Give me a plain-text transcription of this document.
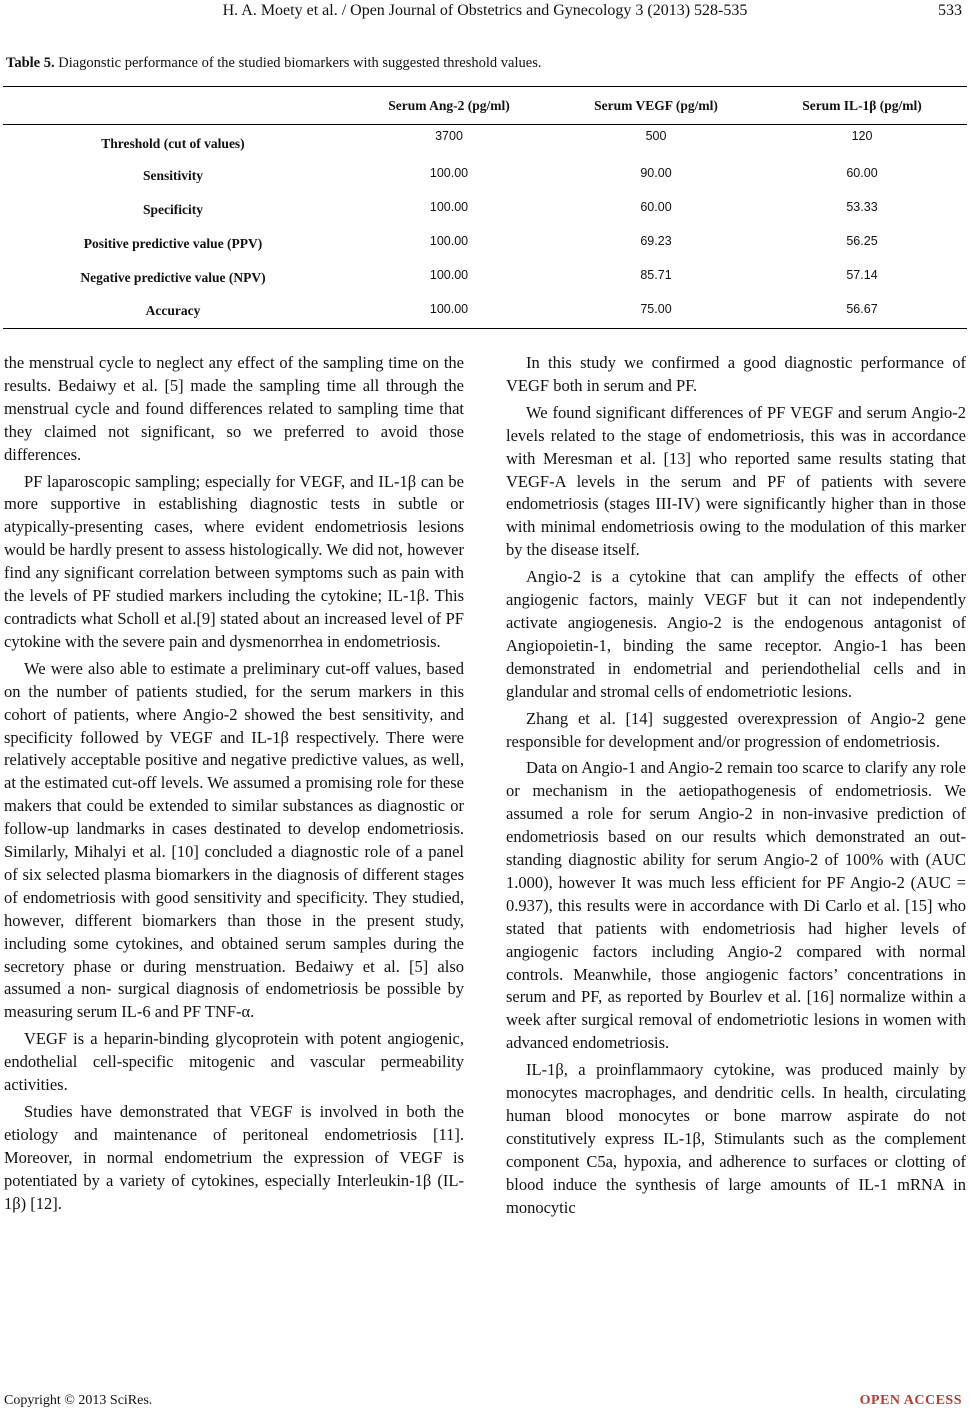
H. A. Moety et al. / Open Journal of Obstetrics and Gynecology 3 (2013) 528-535	533
Table 5. Diagonstic performance of the studied biomarkers with suggested threshold values.
	Serum Ang-2 (pg/ml)	Serum VEGF (pg/ml)	Serum IL-1β (pg/ml)
Threshold (cut of values)	3700	500	120
Sensitivity	100.00	90.00	60.00
Specificity	100.00	60.00	53.33
Positive predictive value (PPV)	100.00	69.23	56.25
Negative predictive value (NPV)	100.00	85.71	57.14
Accuracy	100.00	75.00	56.67

the menstrual cycle to neglect any effect of the sampling time on the results. Bedaiwy et al. [5] made the sampling time all through the menstrual cycle and found differences related to sampling time that they claimed not significant, so we preferred to avoid those differences.

PF laparoscopic sampling; especially for VEGF, and IL-1β can be more supportive in establishing diagnostic tests in subtle or atypically-presenting cases, where evident endometriosis lesions would be hardly present to assess histologically. We did not, however find any significant correlation between symptoms such as pain with the levels of PF studied markers including the cytokine; IL-1β. This contradicts what Scholl et al.[9] stated about an increased level of PF cytokine with the severe pain and dysmenorrhea in endometriosis.

We were also able to estimate a preliminary cut-off values, based on the number of patients studied, for the serum markers in this cohort of patients, where Angio-2 showed the best sensitivity, and specificity followed by VEGF and IL-1β respectively. There were relatively acceptable positive and negative predictive values, as well, at the estimated cut-off levels. We assumed a promising role for these makers that could be extended to similar substances as diagnostic or follow-up landmarks in cases destinated to develop endometriosis. Similarly, Mihalyi et al. [10] concluded a diagnostic role of a panel of six selected plasma biomarkers in the diagnosis of different stages of endometriosis with good sensitivity and specificity. They studied, however, different biomarkers than those in the present study, including some cytokines, and obtained serum samples during the secretory phase or during menstruation. Bedaiwy et al. [5] also assumed a non- surgical diagnosis of endometriosis be possible by measuring serum IL-6 and PF TNF-α.

VEGF is a heparin-binding glycoprotein with potent angiogenic, endothelial cell-specific mitogenic and vascular permeability activities.

Studies have demonstrated that VEGF is involved in both the etiology and maintenance of peritoneal endometriosis [11]. Moreover, in normal endometrium the expression of VEGF is potentiated by a variety of cytokines, especially Interleukin-1β (IL-1β) [12].

In this study we confirmed a good diagnostic performance of VEGF both in serum and PF.

We found significant differences of PF VEGF and serum Angio-2 levels related to the stage of endometriosis, this was in accordance with Meresman et al. [13] who reported same results stating that VEGF-A levels in the serum and PF of patients with severe endometriosis (stages III-IV) were significantly higher than in those with minimal endometriosis owing to the modulation of this marker by the disease itself.

Angio-2 is a cytokine that can amplify the effects of other angiogenic factors, mainly VEGF but it can not independently activate angiogenesis. Angio-2 is the endogenous antagonist of Angiopoietin-1, binding the same receptor. Angio-1 has been demonstrated in endometrial and periendothelial cells and in glandular and stromal cells of endometriotic lesions.

Zhang et al. [14] suggested overexpression of Angio-2 gene responsible for development and/or progression of endometriosis.

Data on Angio-1 and Angio-2 remain too scarce to clarify any role or mechanism in the aetiopathogenesis of endometriosis. We assumed a role for serum Angio-2 in non-invasive prediction of endometriosis based on our results which demonstrated an out-standing diagnostic ability for serum Angio-2 of 100% with (AUC 1.000), however It was much less efficient for PF Angio-2 (AUC = 0.937), this results were in accordance with Di Carlo et al. [15] who stated that patients with endometriosis had higher levels of angiogenic factors including Angio-2 compared with normal controls. Meanwhile, those angiogenic factors’ concentrations in serum and PF, as reported by Bourlev et al. [16] normalize within a week after surgical removal of endometriotic lesions in women with advanced endometriosis.

IL-1β, a proinflammaory cytokine, was produced mainly by monocytes macrophages, and dendritic cells. In health, circulating human blood monocytes or bone marrow aspirate do not constitutively express IL-1β, Stimulants such as the complement component C5a, hypoxia, and adherence to surfaces or clotting of blood induce the synthesis of large amounts of IL-1 mRNA in monocytic

Copyright © 2013 SciRes.	OPEN ACCESS
